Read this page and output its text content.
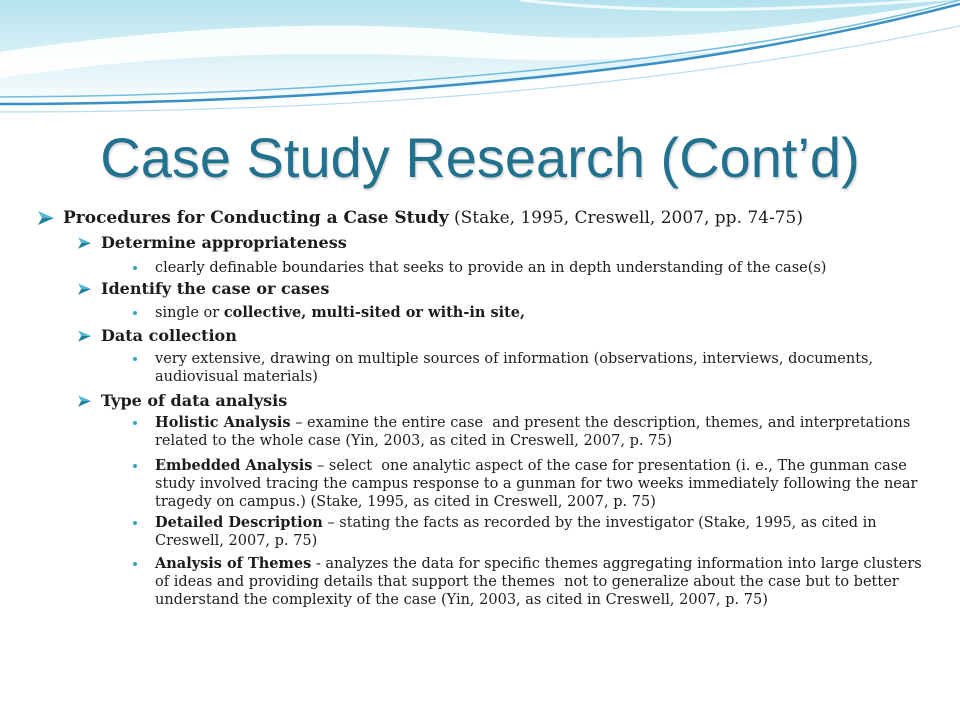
Case Study Research (Cont’d)
Procedures for Conducting a Case Study (Stake, 1995, Creswell, 2007, pp. 74-75)
Determine appropriateness
clearly definable boundaries that seeks to provide an in depth understanding of the case(s)
Identify the case or cases
single or collective, multi-sited or with-in site,
Data collection
very extensive, drawing on multiple sources of information (observations, interviews, documents, audiovisual materials)
Type of data analysis
Holistic Analysis – examine the entire case  and present the description, themes, and interpretations related to the whole case (Yin, 2003, as cited in Creswell, 2007, p. 75)
Embedded Analysis – select  one analytic aspect of the case for presentation (i. e., The gunman case study involved tracing the campus response to a gunman for two weeks immediately following the near tragedy on campus.) (Stake, 1995, as cited in Creswell, 2007, p. 75)
Detailed Description – stating the facts as recorded by the investigator (Stake, 1995, as cited in Creswell, 2007, p. 75)
Analysis of Themes - analyzes the data for specific themes aggregating information into large clusters of ideas and providing details that support the themes  not to generalize about the case but to better understand the complexity of the case (Yin, 2003, as cited in Creswell, 2007, p. 75)
